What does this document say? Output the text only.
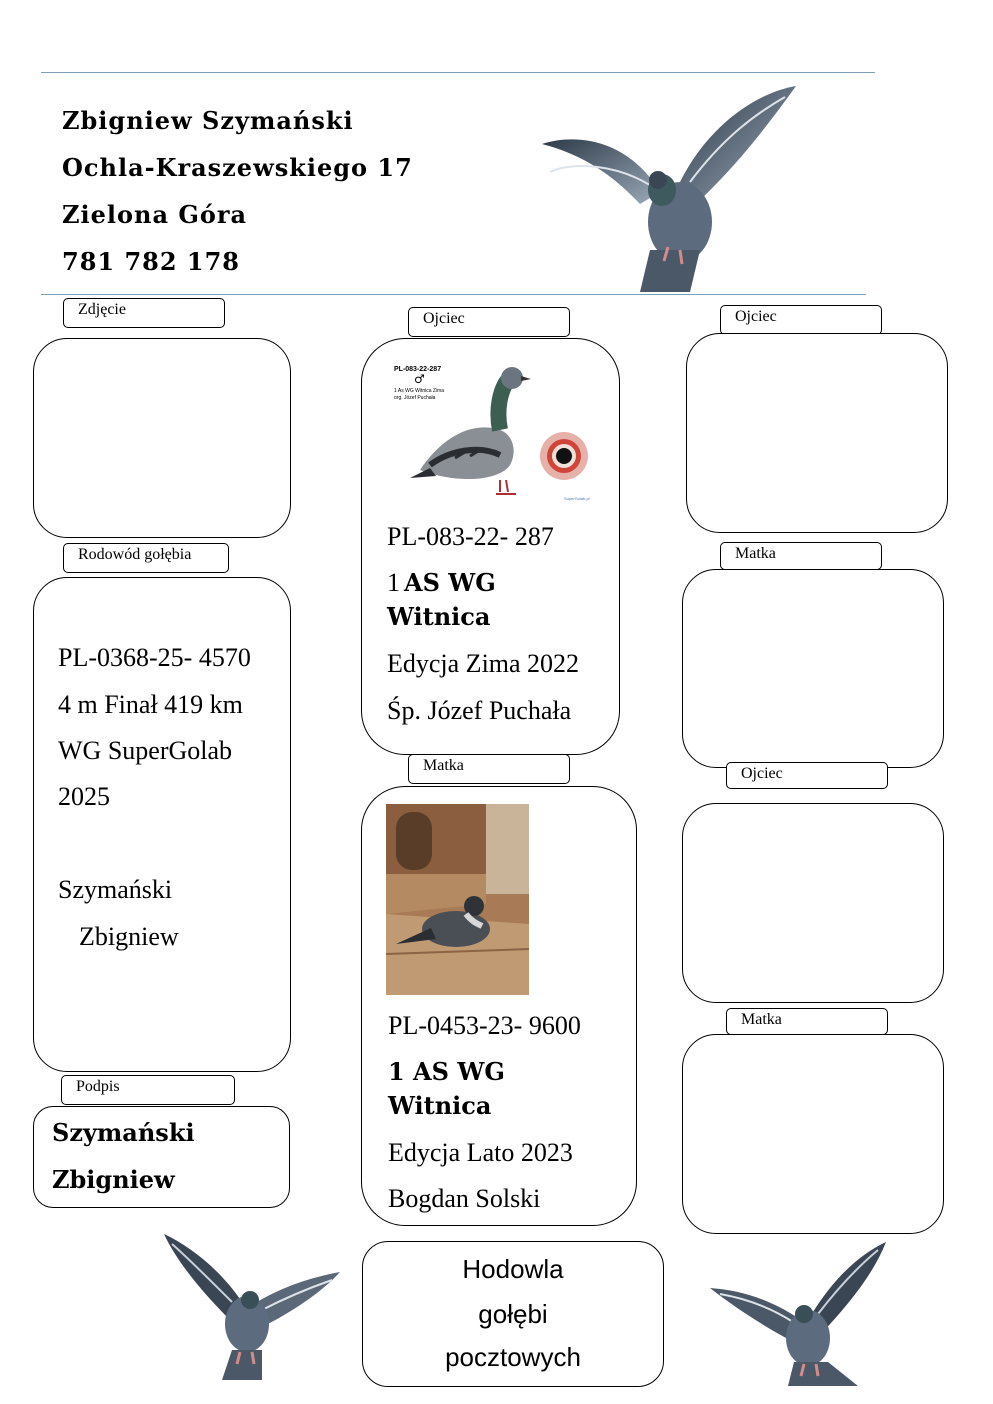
Zbigniew Szymański
Ochla-Kraszewskiego 17
Zielona Góra
781 782 178
Zdjęcie
Rodowód gołębia
PL-0368-25- 4570
4 m Finał 419 km
WG SuperGolab
2025
Szymański
Zbigniew
Podpis
Szymański
Zbigniew
Ojciec
PL-083-22-287
♂
1 As WG Witnica Zima
org. Józef Puchała
SuperGolab.pl
PL-083-22- 287
1 AS WG
Witnica
Edycja Zima 2022
Śp. Józef Puchała
Matka
PL-0453-23- 9600
1 AS WG
Witnica
Edycja Lato 2023
Bogdan Solski
Ojciec
Matka
Ojciec
Matka
Hodowla
gołębi
pocztowych
